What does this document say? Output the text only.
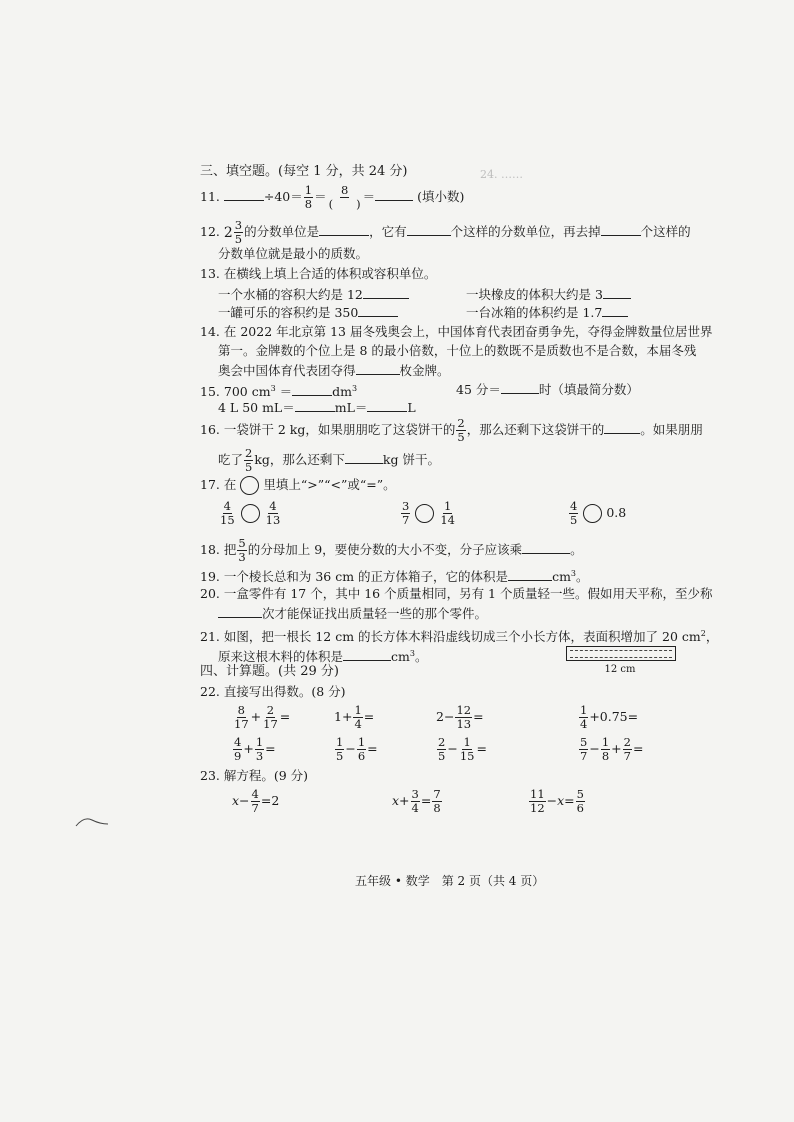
24. ……
三、填空题。(每空 1 分，共 24 分)
11.	$\div 40= \frac{1}{8} = \frac{8}{( )}$ ＝	(填小数)
12. $2 \frac{3}{5}$ 的分数单位是	，它有	个这样的分数单位，再去掉	个这样的
分数单位就是最小的质数。
13. 在横线上填上合适的体积或容积单位。
一个水桶的容积大约是 12	一块橡皮的体积大约是 3
一罐可乐的容积约是 350	一台冰箱的体积约是 1.7
14. 在 2022 年北京第 13 届冬残奥会上，中国体育代表团奋勇争先，夺得金牌数量位居世界
第一。金牌数的个位上是 8 的最小倍数，十位上的数既不是质数也不是合数，本届冬残
奥会中国体育代表团夺得	枚金牌。
15. 700 $cm^3$ ＝	$dm^3$	45 分＝	时（填最简分数）
4 L 50 mL＝	mL＝	L
16. 一袋饼干 2 kg，如果朋朋吃了这袋饼干的 $\frac{2}{5}$ ，那么还剩下这袋饼干的	。如果朋朋
吃了 $\frac{2}{5}$ kg，那么还剩下	kg 饼干。
17. 在 里填上“>”“<”或“=”。
$\frac{4}{15}$	$\frac{4}{13}$	$\frac{3}{7}$	$\frac{1}{14}$	$\frac{4}{5} 0.8$
18. 把 $\frac{5}{3}$ 的分母加上 9，要使分数的大小不变，分子应该乘	。
19. 一个棱长总和为 36 cm 的正方体箱子，它的体积是	$cm^3$。
20. 一盒零件有 17 个，其中 16 个质量相同，另有 1 个质量轻一些。假如用天平称，至少称
次才能保证找出质量轻一些的那个零件。
21. 如图，把一根长 12 cm 的长方体木料沿虚线切成三个小长方体，表面积增加了 20 $cm^2$，
原来这根木料的体积是	$cm^3$。
12 cm
四、计算题。(共 29 分)
22. 直接写出得数。(8 分)
$\frac{8}{17} + \frac{2}{17}$ =	$1+ \frac{1}{4}$ =	$2- \frac{12}{13}$ =	$\frac{1}{4} +0.75=$
$\frac{4}{9} + \frac{1}{3}$ =	$\frac{1}{5} - \frac{1}{6}$ =	$\frac{2}{5} - \frac{1}{15}$ =	$\frac{5}{7} - \frac{1}{8} + \frac{2}{7}$ =
23. 解方程。(9 分)
$x- \frac{4}{7} =2$	$x+ \frac{3}{4} = \frac{7}{8}$	$\frac{11}{12} -x= \frac{5}{6}$
五年级 • 数学　第 2 页（共 4 页）
